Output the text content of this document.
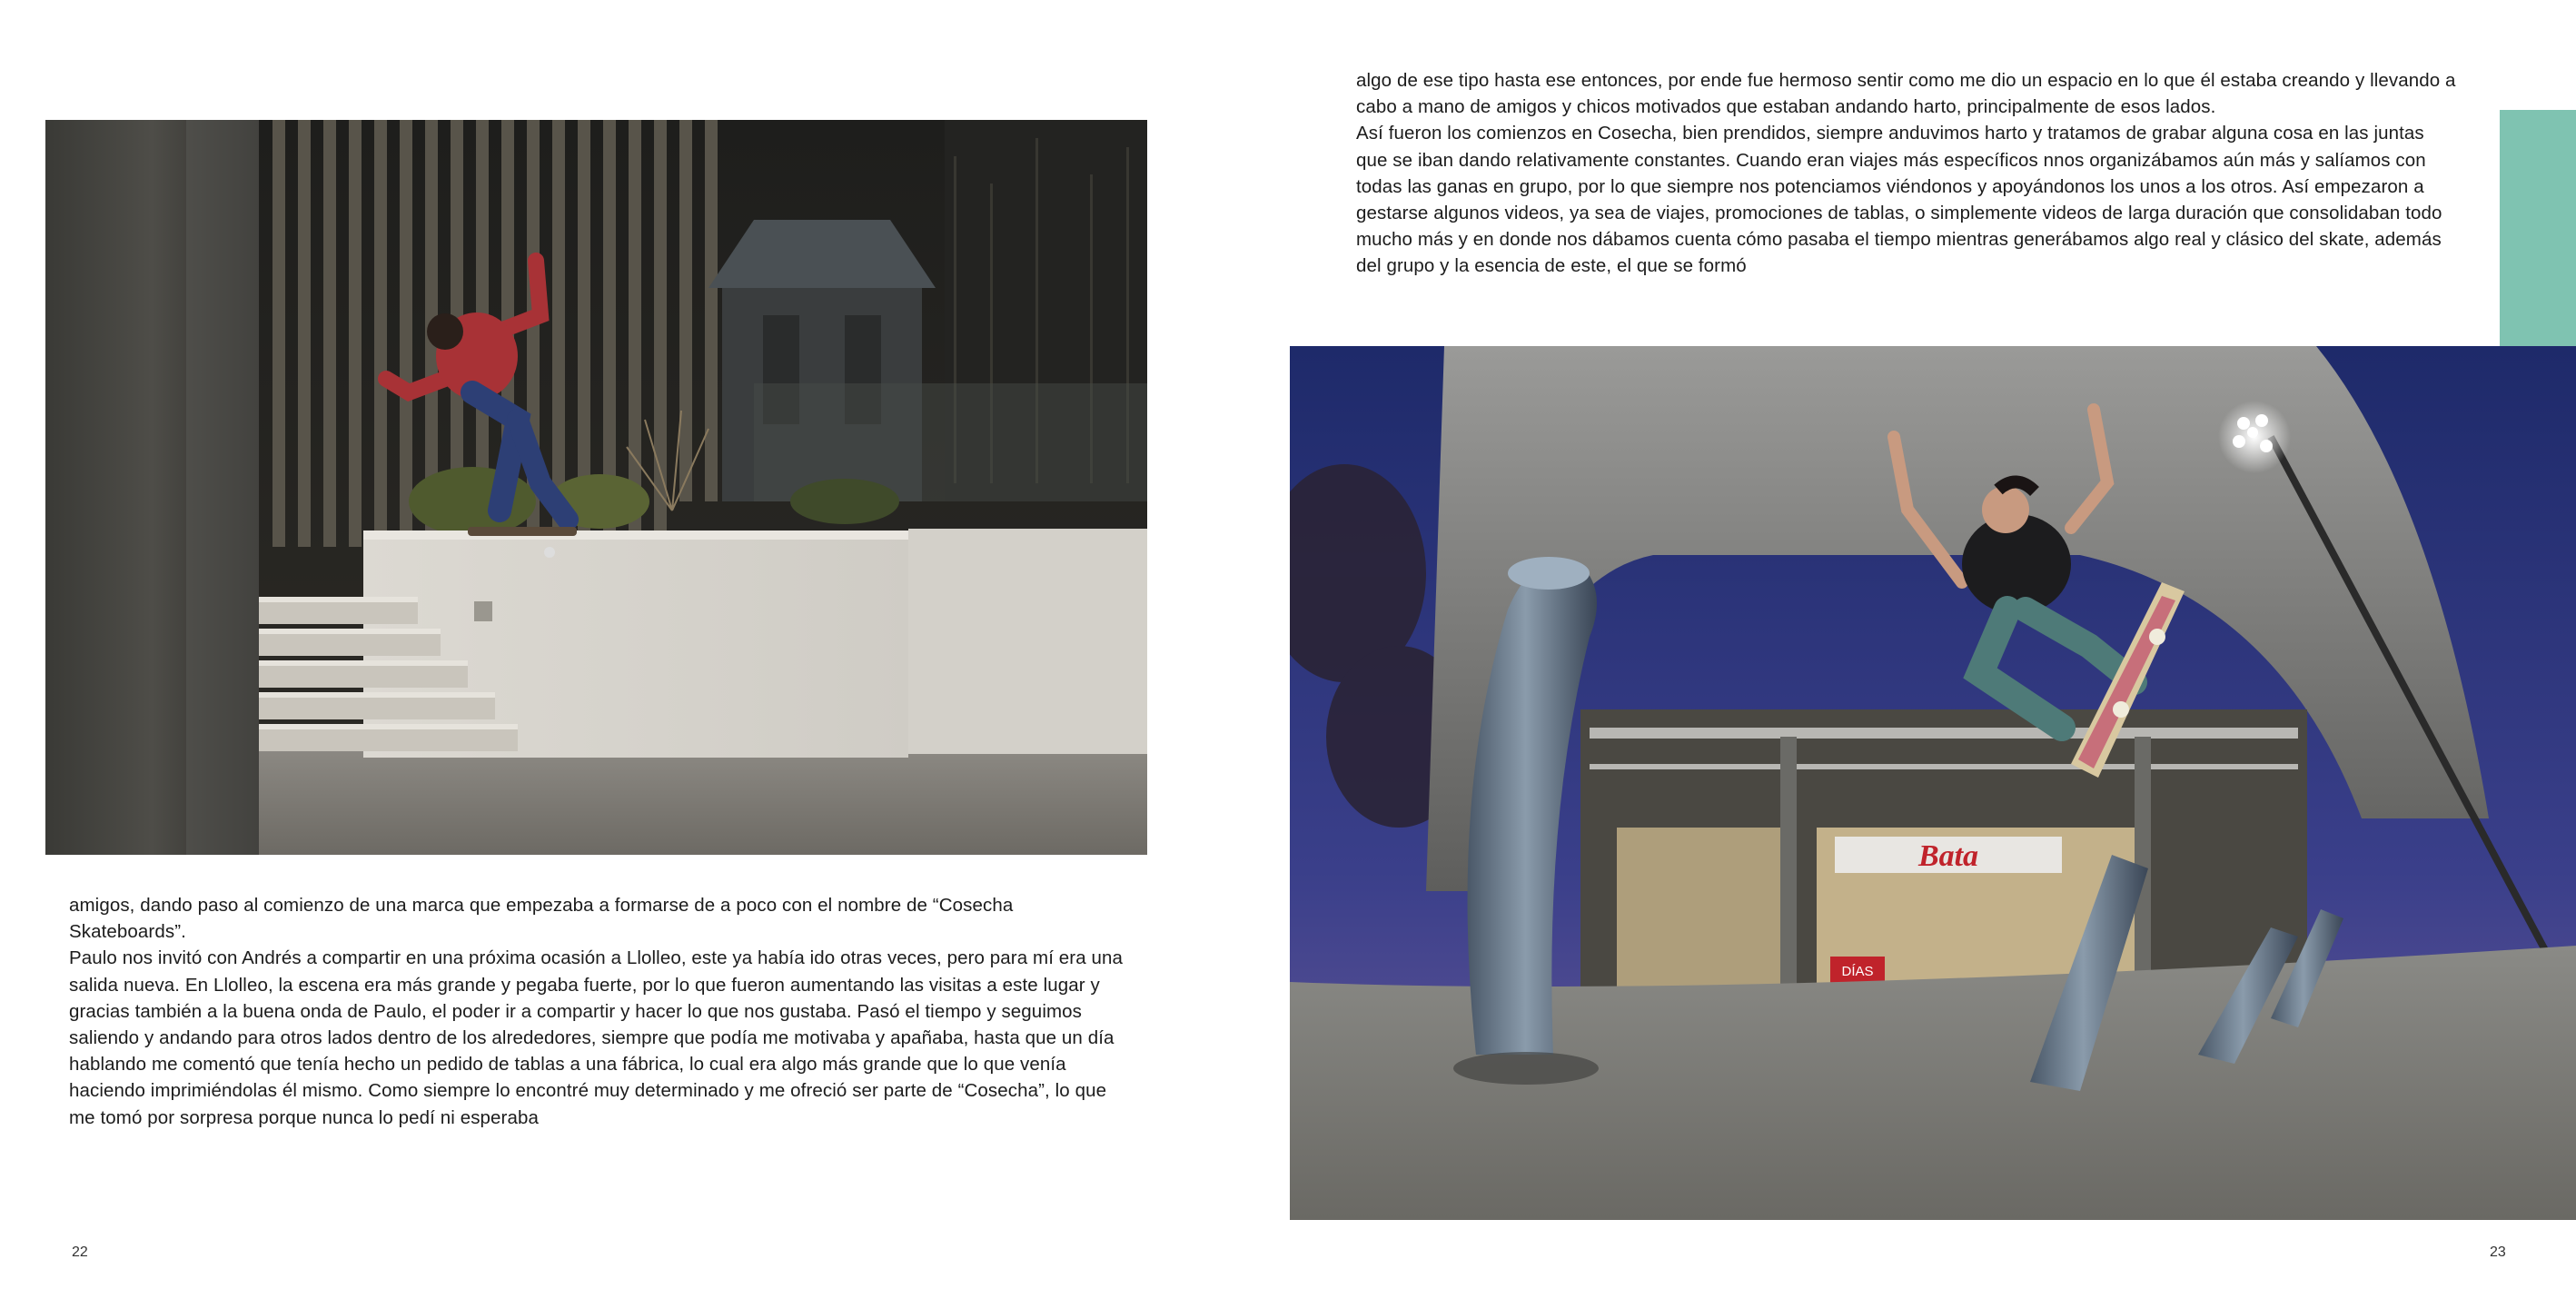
amigos, dando paso al comienzo de una marca que empezaba a formarse de a poco con el nombre de “Cosecha Skateboards”.

Paulo nos invitó con Andrés a compartir en una próxima ocasión a Llolleo, este ya había ido otras veces, pero para mí era una salida nueva. En Llolleo, la escena era más grande y pegaba fuerte, por lo que fueron aumentando las visitas a este lugar y gracias también a la buena onda de Paulo, el poder ir a compartir y hacer lo que nos gustaba. Pasó el tiempo y seguimos saliendo y andando para otros lados dentro de los alrededores, siempre que podía me motivaba y apañaba, hasta que un día hablando me comentó que tenía hecho un pedido de tablas a una fábrica, lo cual era algo más grande que lo que venía haciendo imprimiéndolas él mismo. Como siempre lo encontré muy determinado y me ofreció ser parte de “Cosecha”, lo que me tomó por sorpresa porque nunca lo pedí ni esperaba

22

algo de ese tipo hasta ese entonces, por ende fue hermoso sentir como me dio un espacio en lo que él estaba creando y llevando a cabo a mano de amigos y chicos motivados que estaban andando harto, principalmente de esos lados.

Así fueron los comienzos en Cosecha, bien prendidos, siempre anduvimos harto y tratamos de grabar alguna cosa en las juntas que se iban dando relativamente constantes. Cuando eran viajes más específicos nnos organizábamos aún más y salíamos con todas las ganas en grupo, por lo que siempre nos potenciamos viéndonos y apoyándonos los unos a los otros. Así empezaron a gestarse algunos videos, ya sea de viajes, promociones de tablas, o simplemente videos de larga duración que consolidaban todo mucho más y en donde nos dábamos cuenta cómo pasaba el tiempo mientras generábamos algo real y clásico del skate, además del grupo y la esencia de este, el que se formó

Bata
DÍAS
23
